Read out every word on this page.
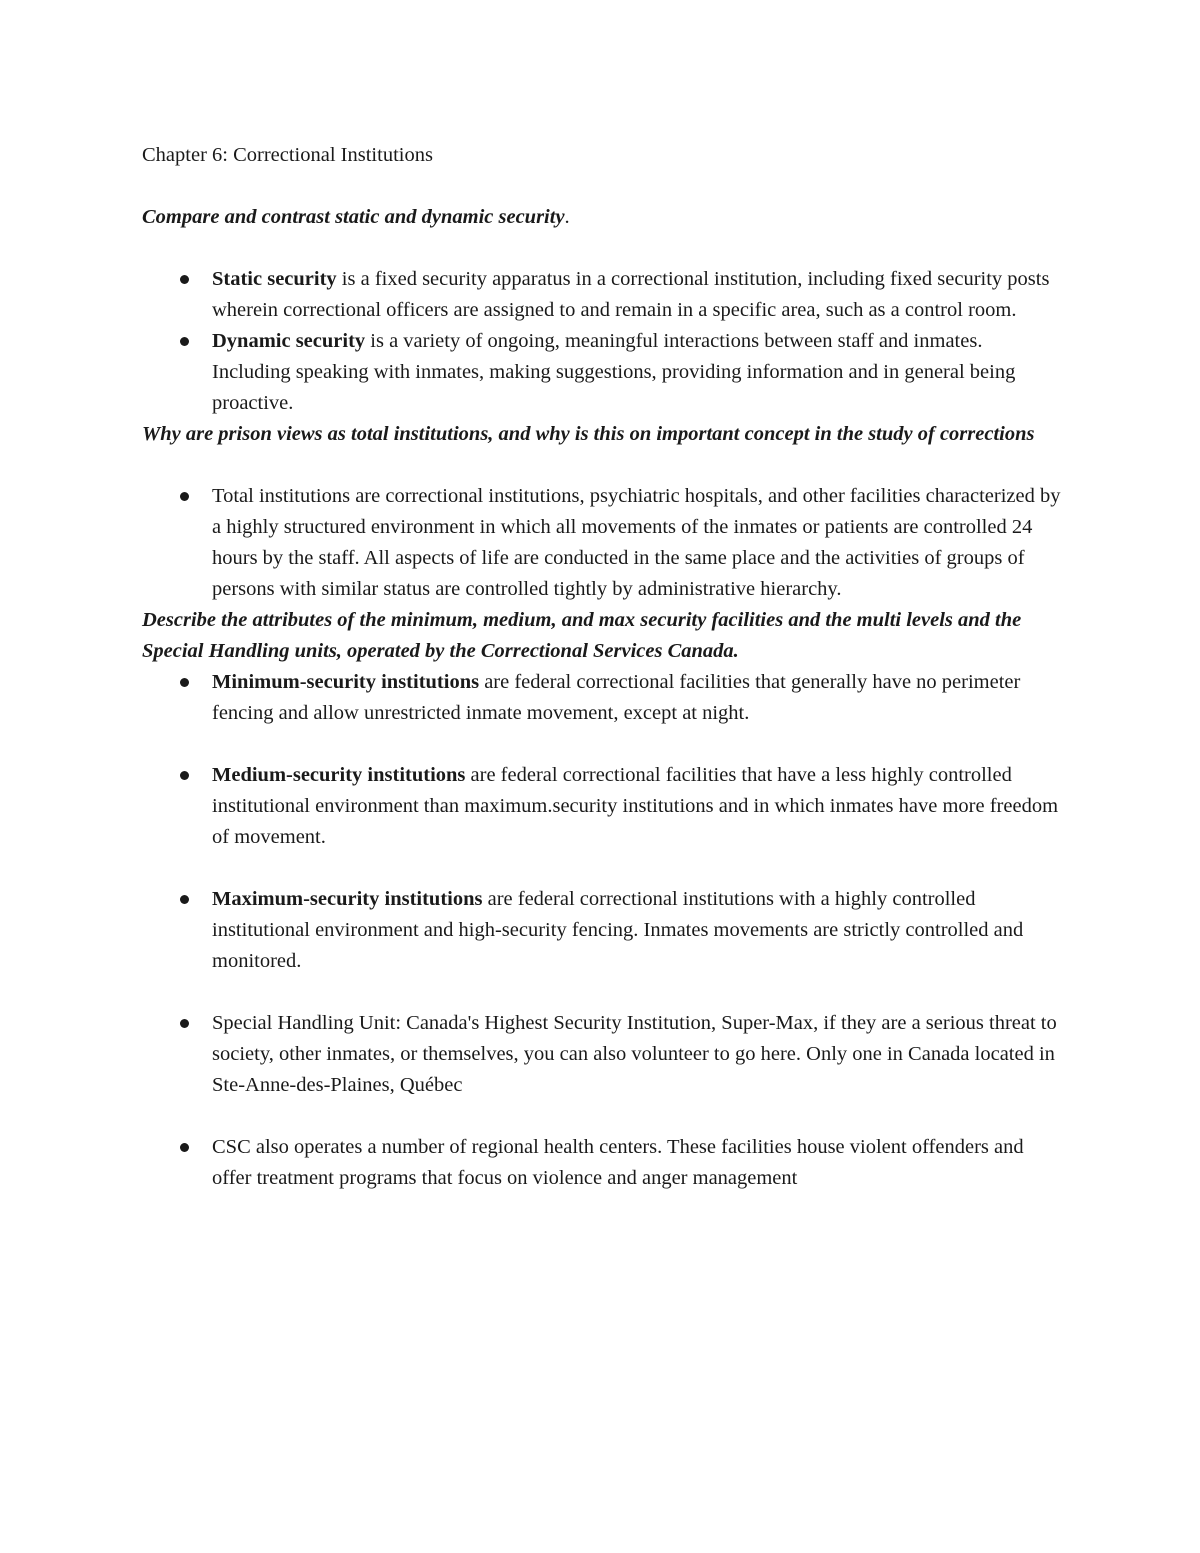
Chapter 6: Correctional Institutions

Compare and contrast static and dynamic security.

Static security is a fixed security apparatus in a correctional institution, including fixed security posts wherein correctional officers are assigned to and remain in a specific area, such as a control room.
Dynamic security is a variety of ongoing, meaningful interactions between staff and inmates. Including speaking with inmates, making suggestions, providing information and in general being proactive.

Why are prison views as total institutions, and why is this on important concept in the study of corrections

Total institutions are correctional institutions, psychiatric hospitals, and other facilities characterized by a highly structured environment in which all movements of the inmates or patients are controlled 24 hours by the staff. All aspects of life are conducted in the same place and the activities of groups of persons with similar status are controlled tightly by administrative hierarchy.

Describe the attributes of the minimum, medium, and max security facilities and the multi levels and the Special Handling units, operated by the Correctional Services Canada.

Minimum-security institutions are federal correctional facilities that generally have no perimeter fencing and allow unrestricted inmate movement, except at night.
Medium-security institutions are federal correctional facilities that have a less highly controlled institutional environment than maximum.security institutions and in which inmates have more freedom of movement.
Maximum-security institutions are federal correctional institutions with a highly controlled institutional environment and high-security fencing. Inmates movements are strictly controlled and monitored.
Special Handling Unit: Canada's Highest Security Institution, Super-Max, if they are a serious threat to society, other inmates, or themselves, you can also volunteer to go here. Only one in Canada located in Ste-Anne-des-Plaines, Québec
CSC also operates a number of regional health centers. These facilities house violent offenders and offer treatment programs that focus on violence and anger management
